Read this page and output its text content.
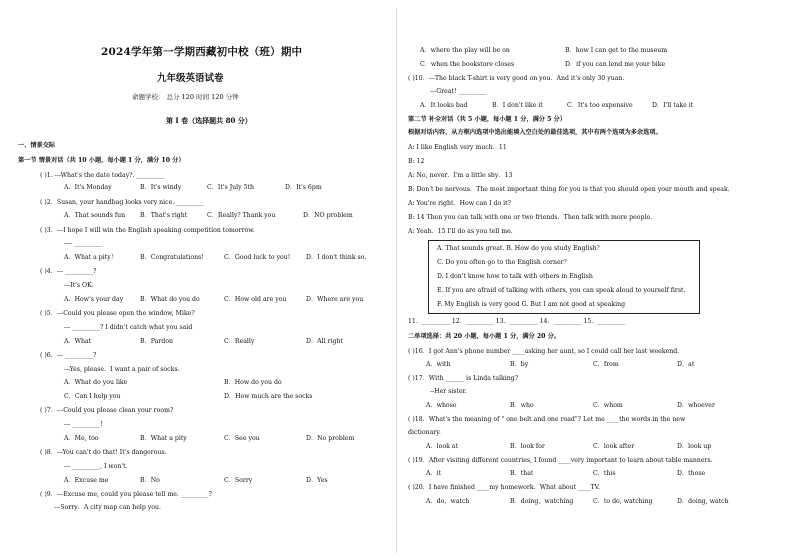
2024学年第一学期西藏初中校（班）期中
九年级英语试卷
命题学校： 总分 120 时间 120 分钟
第 I 卷（选择题共 80 分）
一、情景交际
第一节 情景对话（共 10 小题，每小题 1 分，满分 10 分）
( )1. ---What's the date today?. _________
A．It's Monday	B．It's windy	C．It's July 5th	D．It's 6pm
( )2．Susan, your handbag looks very nice. _________
A．That sounds fun B．That's right	C．Really? Thank you	D．NO problem
( )3．---I hope I will win the English speaking competition tomorrow.
---- _________
A．What a pity！	B．Congratulations!	C．Good luck to you!	D．I don't think so.
( )4．--- _________?
---It's OK.
A．How's your day	B．What do you do	C．How old are you	D．Where are you
( )5．---Could you please open the window, Mike?
--- _________? I didn't catch what you said
A．What	B．Pardon	C．Really	D．All right
( )6．--- _________?
---Yes, please．I want a pair of socks.
A．What do you like	B．How do you do
C．Can I help you	D．How much are the socks
( )7．---Could you please clean your room?
--- _________!
A．Me, too	B．What a pity	C．See you	D．No problem
( )8．---You can't do that! It's dangerous.
--- _________, I won't.
A．Excuse me	B．No	C．Sorry	D．Yes
( )9．---Excuse me, could you please tell me. _________?
---Sorry．A city map can help you.
A．where the play will be on	B．how I can get to the museum
C．when the bookstore closes	D．if you can lend me your bike
( )10．---The black T-shirt is very good on you．And it's only 30 yuan.
---Great! _________
A．It looks bad	B．I don't like it	C．It's too expensive	D．I'll take it
第二节 补全对话（共 5 小题，每小题 1 分，满分 5 分）
根据对话内容，从方框内选项中选出能填入空白处的最佳选项，其中有两个选项为多余选项。
A: I like English very much．11
B: 12
A: No, never．I'm a little shy．13
B: Don't be nervous．The most important thing for you is that you should open your mouth and speak.
A: You're right．How can I do it?
B: 14 Then you can talk with one or two friends．Then talk with more people.
A: Yeah．15 I'll do as you tell me.
A. That sounds great. B. How do you study English？
C. Do you often go to the English corner？
D. I don't know how to talk with others in English
E. If you are afraid of talking with others, you can speak aloud to yourself first.
F. My English is very good G. But I am not good at speaking
11．_________ 12．_________ 13．_________ 14．_________ 15．_________
二单项选择：共 20 小题，每小题 1 分，满分 20 分。
( )16．I got Ann's phone number ____asking her aunt, so I could call her last weekend.
A．with	B．by	C．from	D．at
( )17．With ______ is Linda talking?
--Her sister.
A．whose	B．who	C．whom	D．whoever
( )18．What's the meaning of " one belt and one road"? Let me ____the words in the new
dictionary.
A．look at	B．look for	C．look after	D．look up
( )19．After visiting different countries, I found ____very important to learn about table manners.
A．it	B．that	C．this	D．those
( )20．I have finished ____my homework．What about ____TV.
A．do，watch	B．doing，watching	C．to do, watching	D．doing, watch
